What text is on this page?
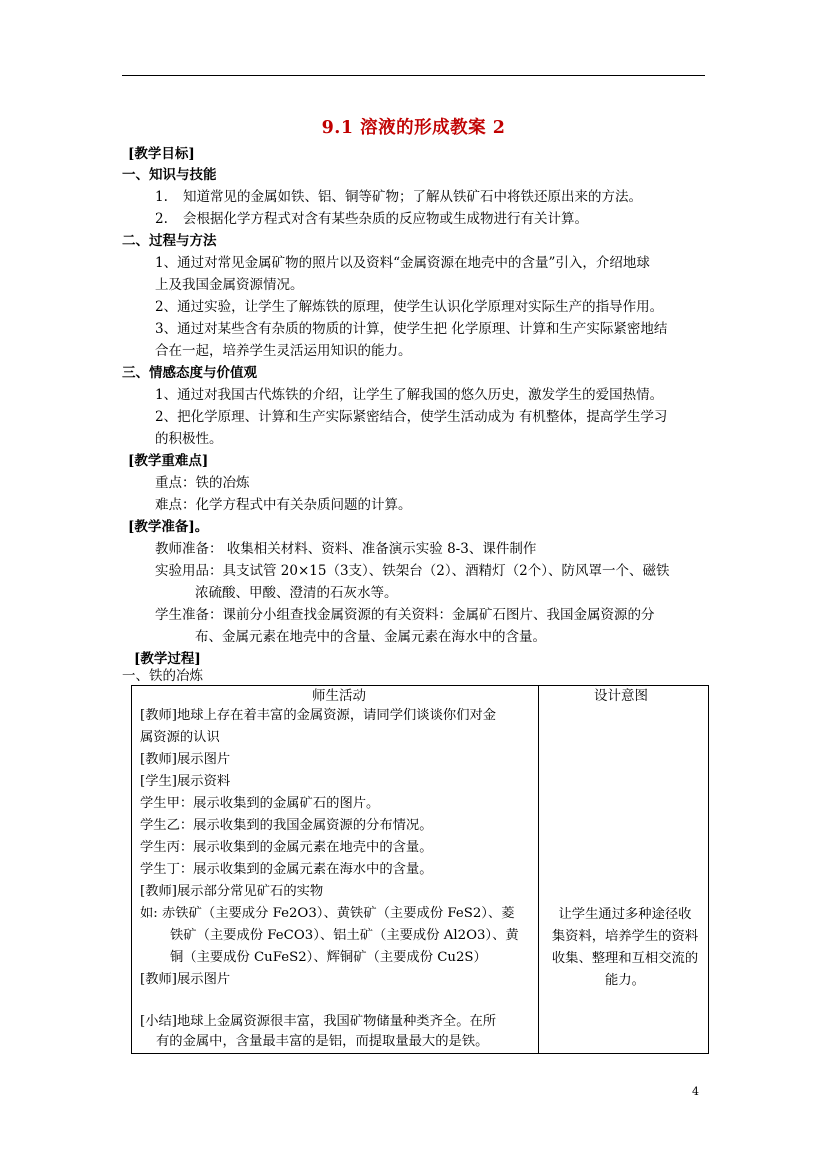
9.1 溶液的形成教案 2
[教学目标]
一、知识与技能
1. 知道常见的金属如铁、铝、铜等矿物；了解从铁矿石中将铁还原出来的方法。
2. 会根据化学方程式对含有某些杂质的反应物或生成物进行有关计算。
二、过程与方法
1、通过对常见金属矿物的照片以及资料“金属资源在地壳中的含量”引入，介绍地球
上及我国金属资源情况。
2、通过实验，让学生了解炼铁的原理，使学生认识化学原理对实际生产的指导作用。
3、通过对某些含有杂质的物质的计算，使学生把 化学原理、计算和生产实际紧密地结
合在一起，培养学生灵活运用知识的能力。
三、情感态度与价值观
1、通过对我国古代炼铁的介绍，让学生了解我国的悠久历史，激发学生的爱国热情。
2、把化学原理、计算和生产实际紧密结合，使学生活动成为 有机整体，提高学生学习
的积极性。
[教学重难点]
重点：铁的冶炼
难点：化学方程式中有关杂质问题的计算。
[教学准备]。
教师准备： 收集相关材料、资料、准备演示实验 8-3、课件制作
实验用品：具支试管 20×15（3支）、铁架台（2）、酒精灯（2个）、防风罩一个、磁铁
浓硫酸、甲酸、澄清的石灰水等。
学生准备：课前分小组查找金属资源的有关资料：金属矿石图片、我国金属资源的分
布、金属元素在地壳中的含量、金属元素在海水中的含量。
[教学过程]
一、铁的冶炼
师生活动	设计意图
[教师]地球上存在着丰富的金属资源，请同学们谈谈你们对金
属资源的认识
[教师]展示图片
[学生]展示资料
学生甲：展示收集到的金属矿石的图片。
学生乙：展示收集到的我国金属资源的分布情况。
学生丙：展示收集到的金属元素在地壳中的含量。
学生丁：展示收集到的金属元素在海水中的含量。
[教师]展示部分常见矿石的实物
如: 赤铁矿（主要成分 Fe2O3）、黄铁矿（主要成份 FeS2）、菱
铁矿（主要成份 FeCO3）、铝土矿（主要成份 Al2O3）、黄
铜（主要成份 CuFeS2）、辉铜矿（主要成份 Cu2S）
[教师]展示图片
[小结]地球上金属资源很丰富，我国矿物储量种类齐全。在所
有的金属中，含量最丰富的是铝，而提取量最大的是铁。
让学生通过多种途径收
集资料，培养学生的资料
收集、整理和互相交流的
能力。
4
